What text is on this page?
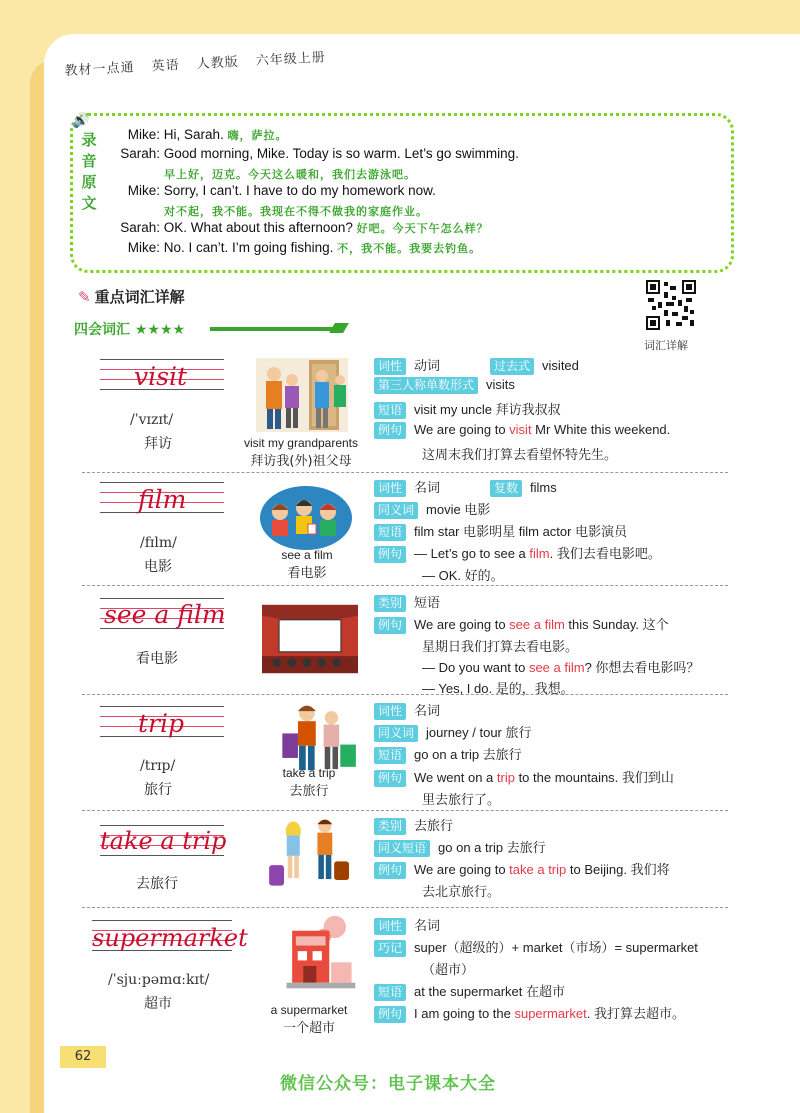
教材一点通 英语 人教版 六年级上册
🔊
录
音
原
文
Mike: Hi, Sarah. 嗨，萨拉。
Sarah: Good morning, Mike. Today is so warm. Let’s go swimming.
早上好，迈克。今天这么暖和，我们去游泳吧。
Mike: Sorry, I can’t. I have to do my homework now.
对不起，我不能。我现在不得不做我的家庭作业。
Sarah: OK. What about this afternoon? 好吧。今天下午怎么样？
Mike: No. I can’t. I’m going fishing. 不，我不能。我要去钓鱼。
✎ 重点词汇详解
四会词汇 ★★★★
词汇详解
visit
/ˈvɪzɪt/
拜访	visit my grandparents
拜访我(外)祖父母
词性 动词	过去式 visited
第三人称单数形式 visits
短语 visit my uncle 拜访我叔叔
例句 We are going to visit Mr White this weekend.
这周末我们打算去看望怀特先生。
film
/fɪlm/
电影
see a film
看电影
词性 名词	复数 films
同义词 movie 电影
短语 film star 电影明星 film actor 电影演员
例句 — Let’s go to see a film. 我们去看电影吧。
— OK. 好的。
see a film
看电影
类别 短语
例句 We are going to see a film this Sunday. 这个
星期日我们打算去看电影。
— Do you want to see a film? 你想去看电影吗？
— Yes, I do. 是的，我想。
trip
/trɪp/
旅行
take a trip
去旅行
词性 名词
同义词 journey / tour 旅行
短语 go on a trip 去旅行
例句 We went on a trip to the mountains. 我们到山
里去旅行了。
take a trip
去旅行
类别 去旅行
同义短语 go on a trip 去旅行
例句 We are going to take a trip to Beijing. 我们将
去北京旅行。
supermarket
/ˈsjuːpəmɑːkɪt/
超市	a supermarket
一个超市
词性 名词
巧记 super（超级的）+ market（市场）= supermarket
（超市）
短语 at the supermarket 在超市
例句 I am going to the supermarket. 我打算去超市。
62
微信公众号：电子课本大全
